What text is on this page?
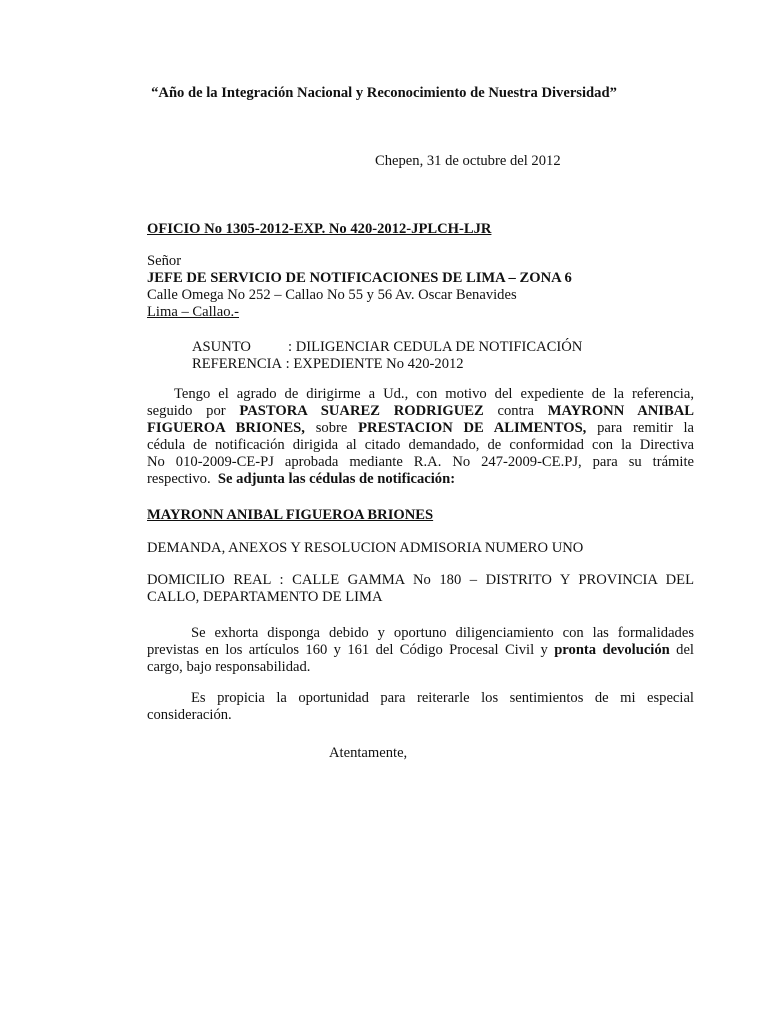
“Año de la Integración Nacional y Reconocimiento de Nuestra Diversidad”
Chepen, 31 de octubre del 2012
OFICIO No 1305-2012-EXP. No 420-2012-JPLCH-LJR
Señor
JEFE DE SERVICIO DE NOTIFICACIONES DE LIMA – ZONA 6
Calle Omega No 252 – Callao No 55 y 56 Av. Oscar Benavides
Lima – Callao.-
ASUNTO	: DILIGENCIAR CEDULA DE NOTIFICACIÓN
REFERENCIA : EXPEDIENTE No 420-2012
Tengo el agrado de dirigirme a Ud., con motivo del expediente de la referencia,
seguido por PASTORA SUAREZ RODRIGUEZ contra MAYRONN ANIBAL
FIGUEROA BRIONES, sobre PRESTACION DE ALIMENTOS, para remitir la
cédula de notificación dirigida al citado demandado, de conformidad con la Directiva
No 010-2009-CE-PJ aprobada mediante R.A. No 247-2009-CE.PJ, para su trámite
respectivo. Se adjunta las cédulas de notificación:
MAYRONN ANIBAL FIGUEROA BRIONES
DEMANDA, ANEXOS Y RESOLUCION ADMISORIA NUMERO UNO
DOMICILIO REAL : CALLE GAMMA No 180 – DISTRITO Y PROVINCIA DEL
CALLO, DEPARTAMENTO DE LIMA
Se exhorta disponga debido y oportuno diligenciamiento con las formalidades
previstas en los artículos 160 y 161 del Código Procesal Civil y pronta devolución del
cargo, bajo responsabilidad.
Es propicia la oportunidad para reiterarle los sentimientos de mi especial
consideración.
Atentamente,
